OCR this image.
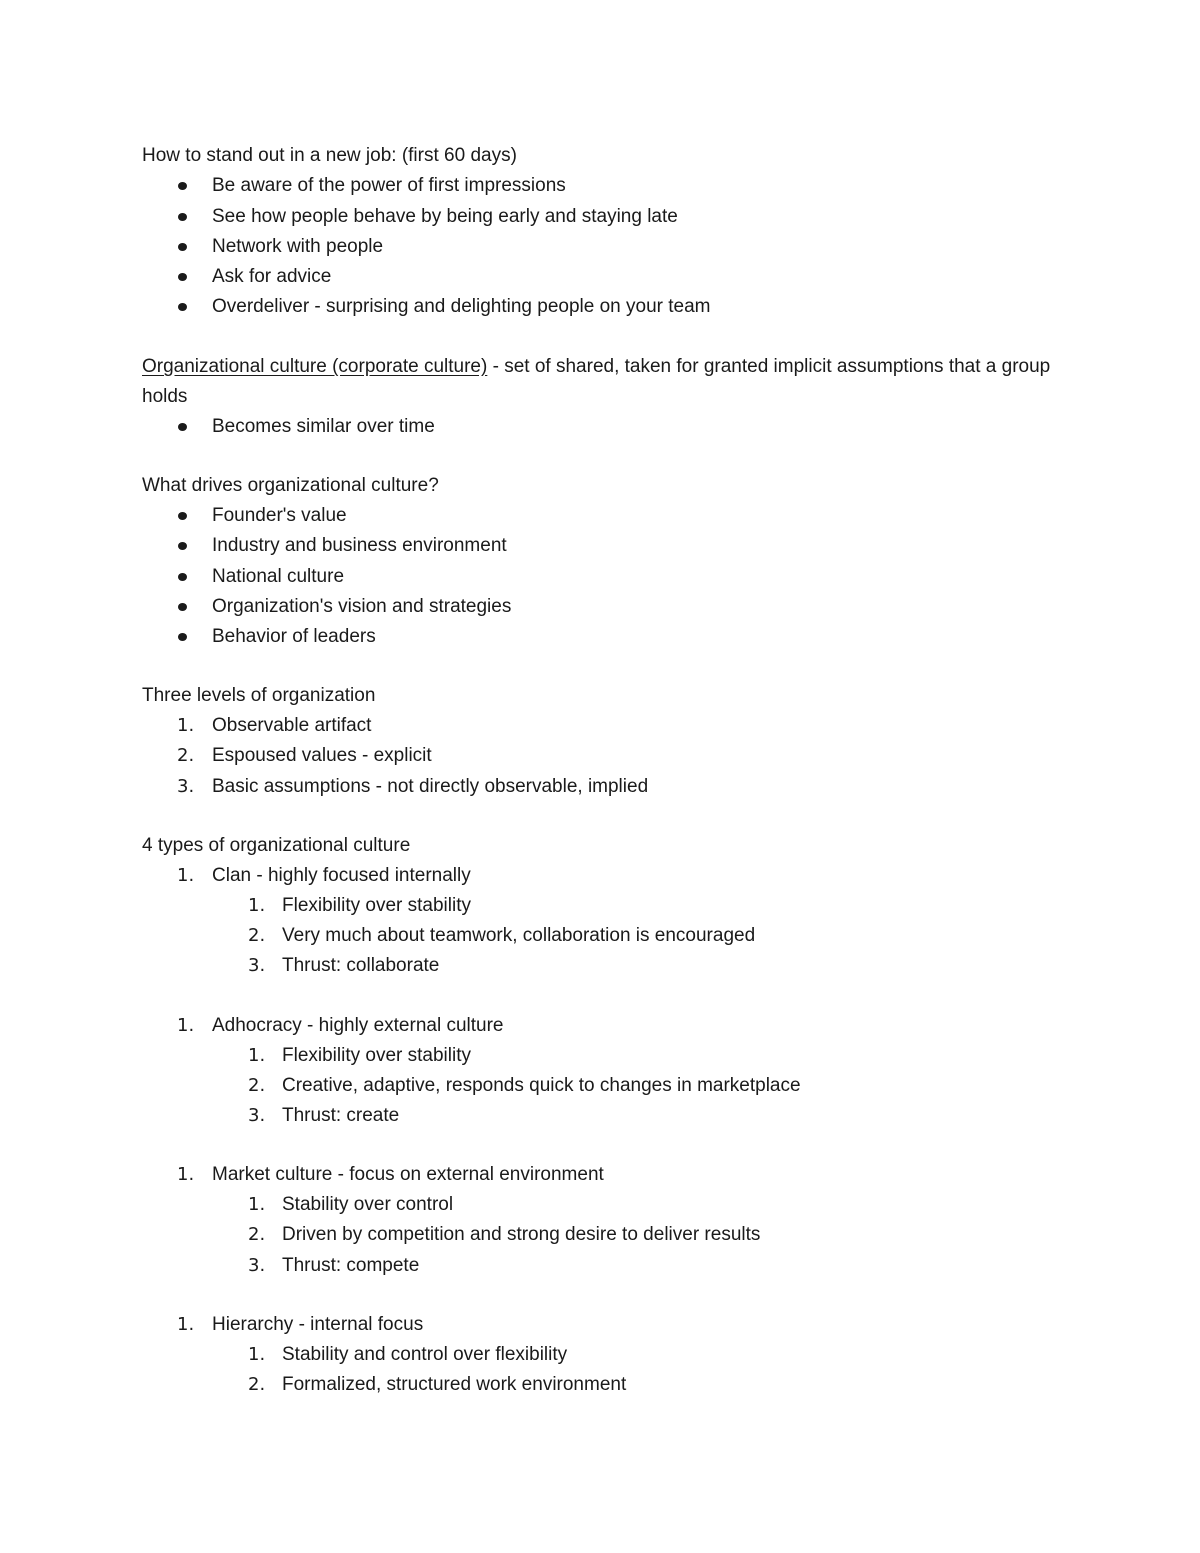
How to stand out in a new job: (first 60 days)
Be aware of the power of first impressions
See how people behave by being early and staying late
Network with people
Ask for advice
Overdeliver - surprising and delighting people on your team
Organizational culture (corporate culture) - set of shared, taken for granted implicit assumptions that a group holds
Becomes similar over time
What drives organizational culture?
Founder's value
Industry and business environment
National culture
Organization's vision and strategies
Behavior of leaders
Three levels of organization
1. Observable artifact
2. Espoused values - explicit
3. Basic assumptions - not directly observable, implied
4 types of organizational culture
1. Clan - highly focused internally
1. Flexibility over stability
2. Very much about teamwork, collaboration is encouraged
3. Thrust: collaborate
1. Adhocracy - highly external culture
1. Flexibility over stability
2. Creative, adaptive, responds quick to changes in marketplace
3. Thrust: create
1. Market culture - focus on external environment
1. Stability over control
2. Driven by competition and strong desire to deliver results
3. Thrust: compete
1. Hierarchy - internal focus
1. Stability and control over flexibility
2. Formalized, structured work environment
